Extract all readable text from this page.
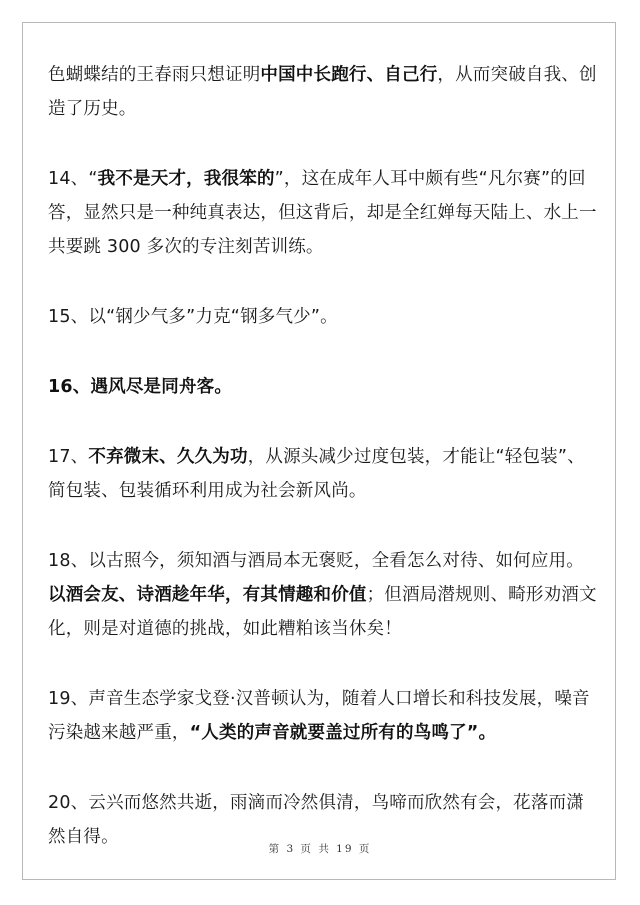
色蝴蝶结的王春雨只想证明中国中长跑行、自己行，从而突破自我、创造了历史。

14、“我不是天才，我很笨的”，这在成年人耳中颇有些“凡尔赛”的回答，显然只是一种纯真表达，但这背后，却是全红婵每天陆上、水上一共要跳 300 多次的专注刻苦训练。

15、以“钢少气多”力克“钢多气少”。

16、遇风尽是同舟客。

17、不弃微末、久久为功，从源头减少过度包装，才能让“轻包装”、简包装、包装循环利用成为社会新风尚。

18、以古照今，须知酒与酒局本无褒贬，全看怎么对待、如何应用。以酒会友、诗酒趁年华，有其情趣和价值；但酒局潜规则、畸形劝酒文化，则是对道德的挑战，如此糟粕该当休矣！

19、声音生态学家戈登·汉普顿认为，随着人口增长和科技发展，噪音污染越来越严重，“人类的声音就要盖过所有的鸟鸣了”。

20、云兴而悠然共逝，雨滴而冷然俱清，鸟啼而欣然有会，花落而潇然自得。

第 3 页 共 19 页
